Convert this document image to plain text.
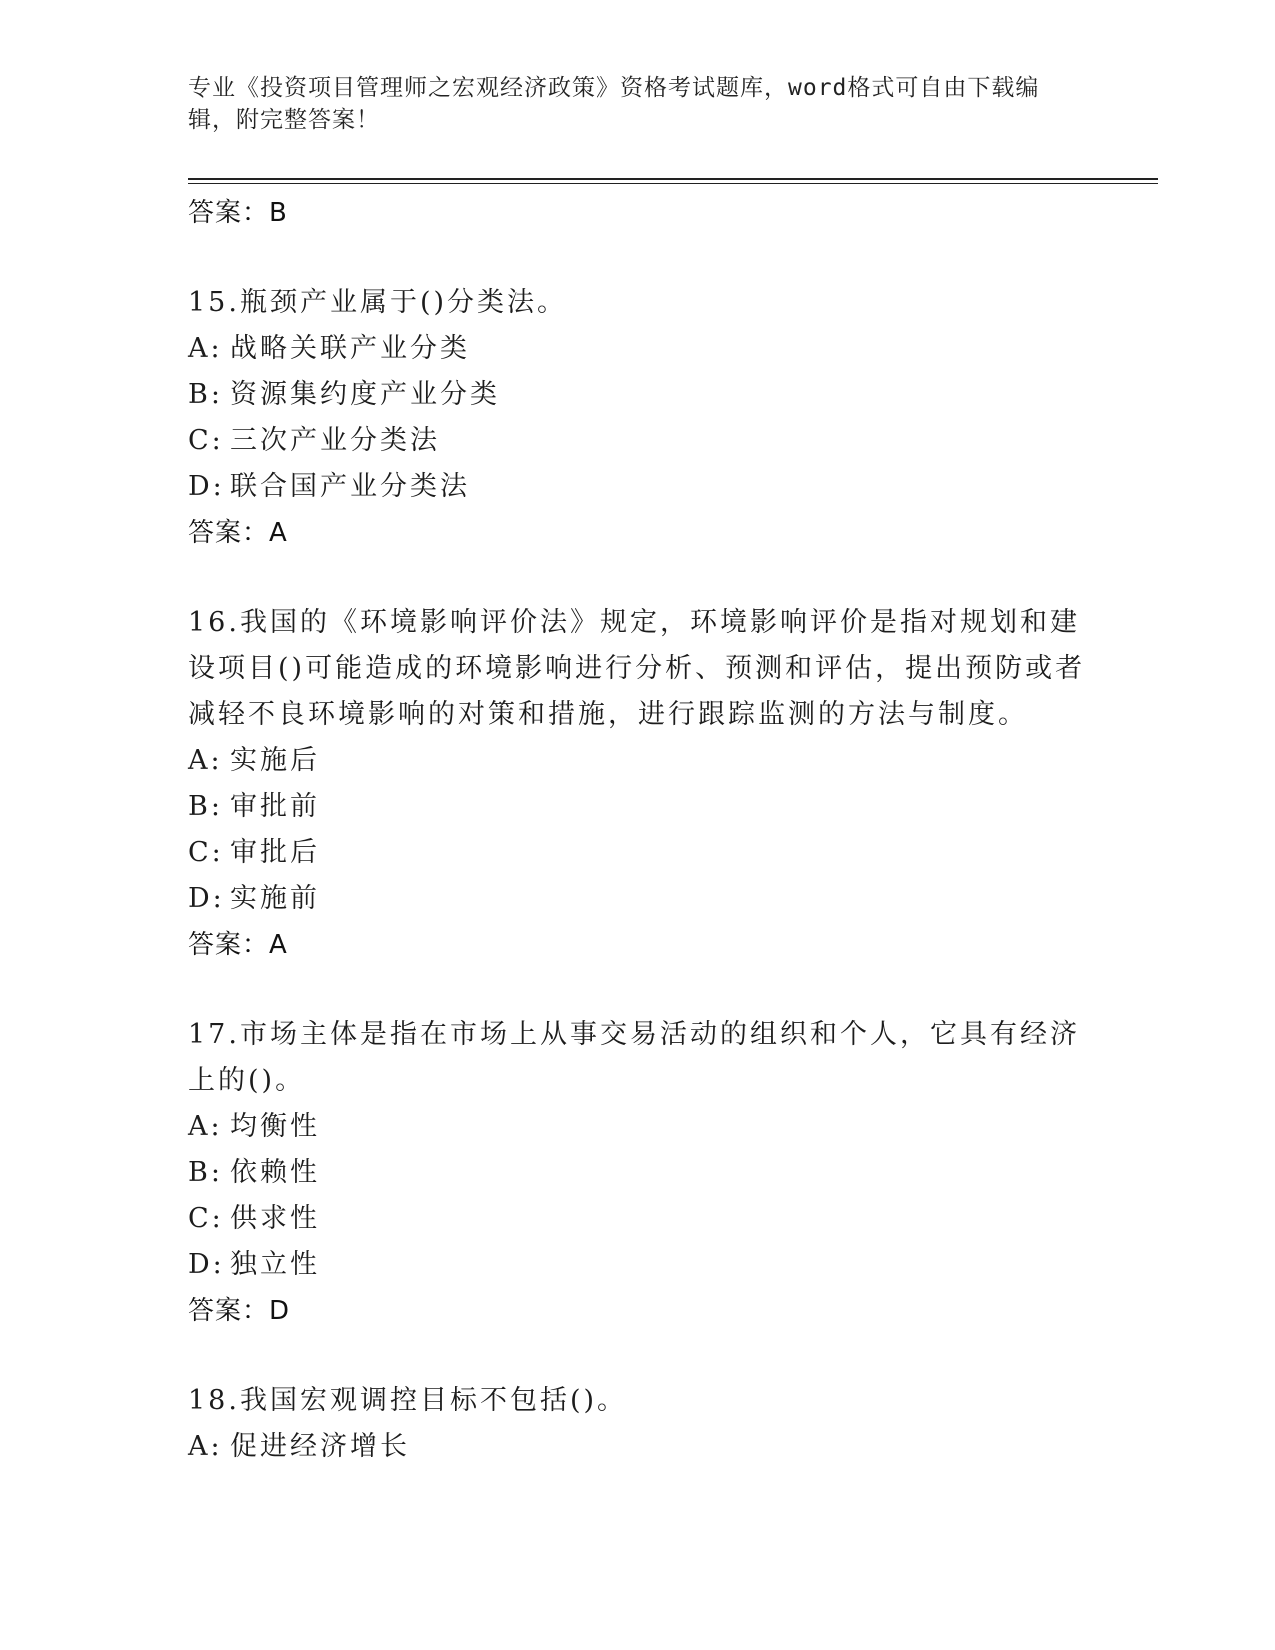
专业《投资项目管理师之宏观经济政策》资格考试题库，word格式可自由下载编
辑，附完整答案！
答案：B
15.瓶颈产业属于()分类法。
A: 战略关联产业分类
B: 资源集约度产业分类
C: 三次产业分类法
D: 联合国产业分类法
答案：A
16.我国的《环境影响评价法》规定，环境影响评价是指对规划和建设项目()可能造成的环境影响进行分析、预测和评估，提出预防或者减轻不良环境影响的对策和措施，进行跟踪监测的方法与制度。
A: 实施后
B: 审批前
C: 审批后
D: 实施前
答案：A
17.市场主体是指在市场上从事交易活动的组织和个人，它具有经济上的()。
A: 均衡性
B: 依赖性
C: 供求性
D: 独立性
答案：D
18.我国宏观调控目标不包括()。
A: 促进经济增长
